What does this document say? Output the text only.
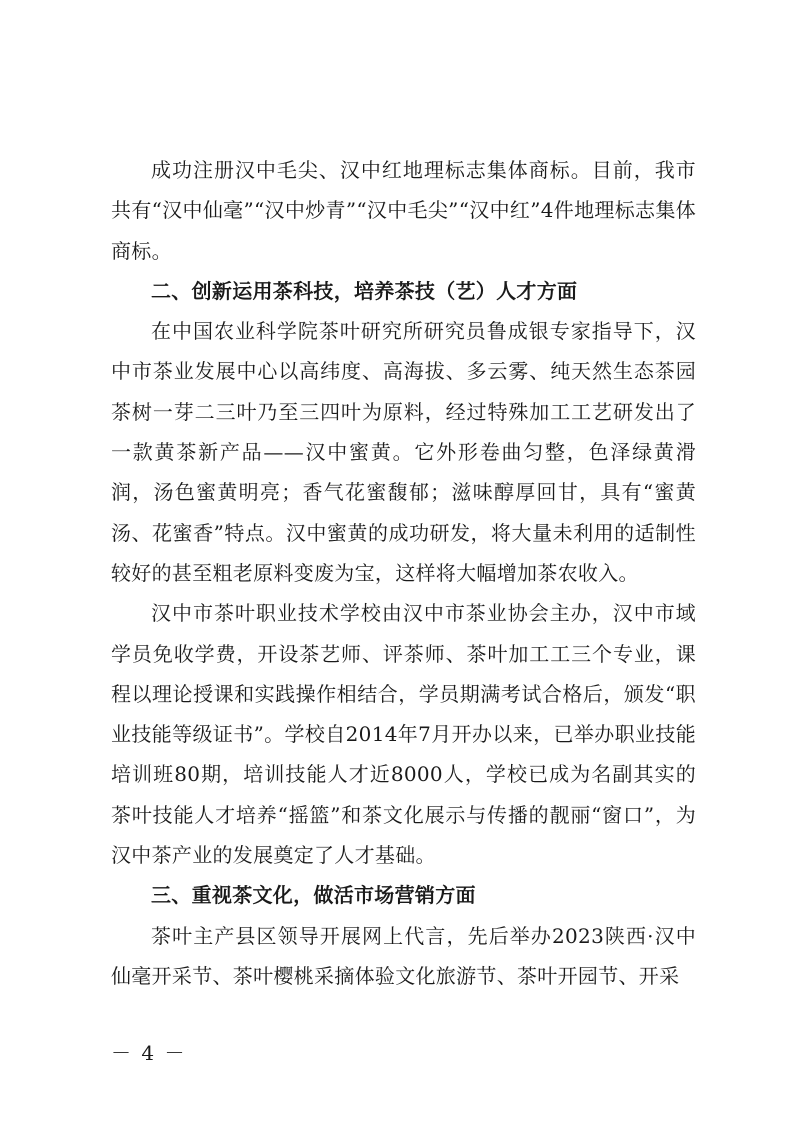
成功注册汉中毛尖、汉中红地理标志集体商标。目前，我市共有“汉中仙毫”“汉中炒青”“汉中毛尖”“汉中红”4件地理标志集体商标。

二、创新运用茶科技，培养茶技（艺）人才方面

在中国农业科学院茶叶研究所研究员鲁成银专家指导下，汉中市茶业发展中心以高纬度、高海拔、多云雾、纯天然生态茶园茶树一芽二三叶乃至三四叶为原料，经过特殊加工工艺研发出了一款黄茶新产品——汉中蜜黄。它外形卷曲匀整，色泽绿黄滑润，汤色蜜黄明亮；香气花蜜馥郁；滋味醇厚回甘，具有“蜜黄汤、花蜜香”特点。汉中蜜黄的成功研发，将大量未利用的适制性较好的甚至粗老原料变废为宝，这样将大幅增加茶农收入。

汉中市茶叶职业技术学校由汉中市茶业协会主办，汉中市域学员免收学费，开设茶艺师、评茶师、茶叶加工工三个专业，课程以理论授课和实践操作相结合，学员期满考试合格后，颁发“职业技能等级证书”。学校自2014年7月开办以来，已举办职业技能培训班80期，培训技能人才近8000人，学校已成为名副其实的茶叶技能人才培养“摇篮”和茶文化展示与传播的靓丽“窗口”，为汉中茶产业的发展奠定了人才基础。

三、重视茶文化，做活市场营销方面

茶叶主产县区领导开展网上代言，先后举办2023陕西·汉中仙毫开采节、茶叶樱桃采摘体验文化旅游节、茶叶开园节、开采

－ 4 －
